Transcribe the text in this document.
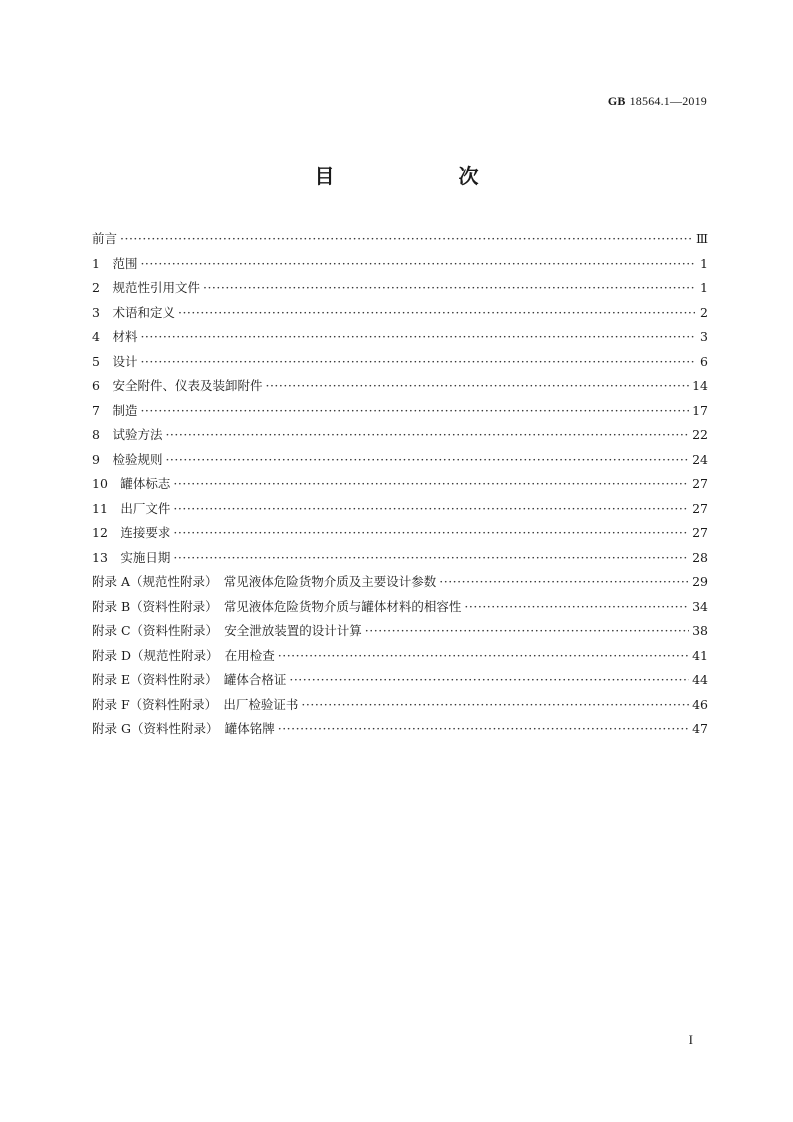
GB 18564.1—2019
目　　次
前言 ·····	Ⅲ
1　范围 ·····	1
2　规范性引用文件 ·····	1
3　术语和定义 ·····	2
4　材料 ·····	3
5　设计 ·····	6
6　安全附件、仪表及装卸附件 ·····	14
7　制造 ·····	17
8　试验方法 ·····	22
9　检验规则 ·····	24
10　罐体标志 ·····	27
11　出厂文件 ·····	27
12　连接要求 ·····	27
13　实施日期 ·····	28
附录 A（规范性附录）　常见液体危险货物介质及主要设计参数 ·····	29
附录 B（资料性附录）　常见液体危险货物介质与罐体材料的相容性 ·····	34
附录 C（资料性附录）　安全泄放装置的设计计算 ·····	38
附录 D（规范性附录）　在用检查 ·····	41
附录 E（资料性附录）　罐体合格证 ·····	44
附录 F（资料性附录）　出厂检验证书 ·····	46
附录 G（资料性附录）　罐体铭牌 ·····	47
I
